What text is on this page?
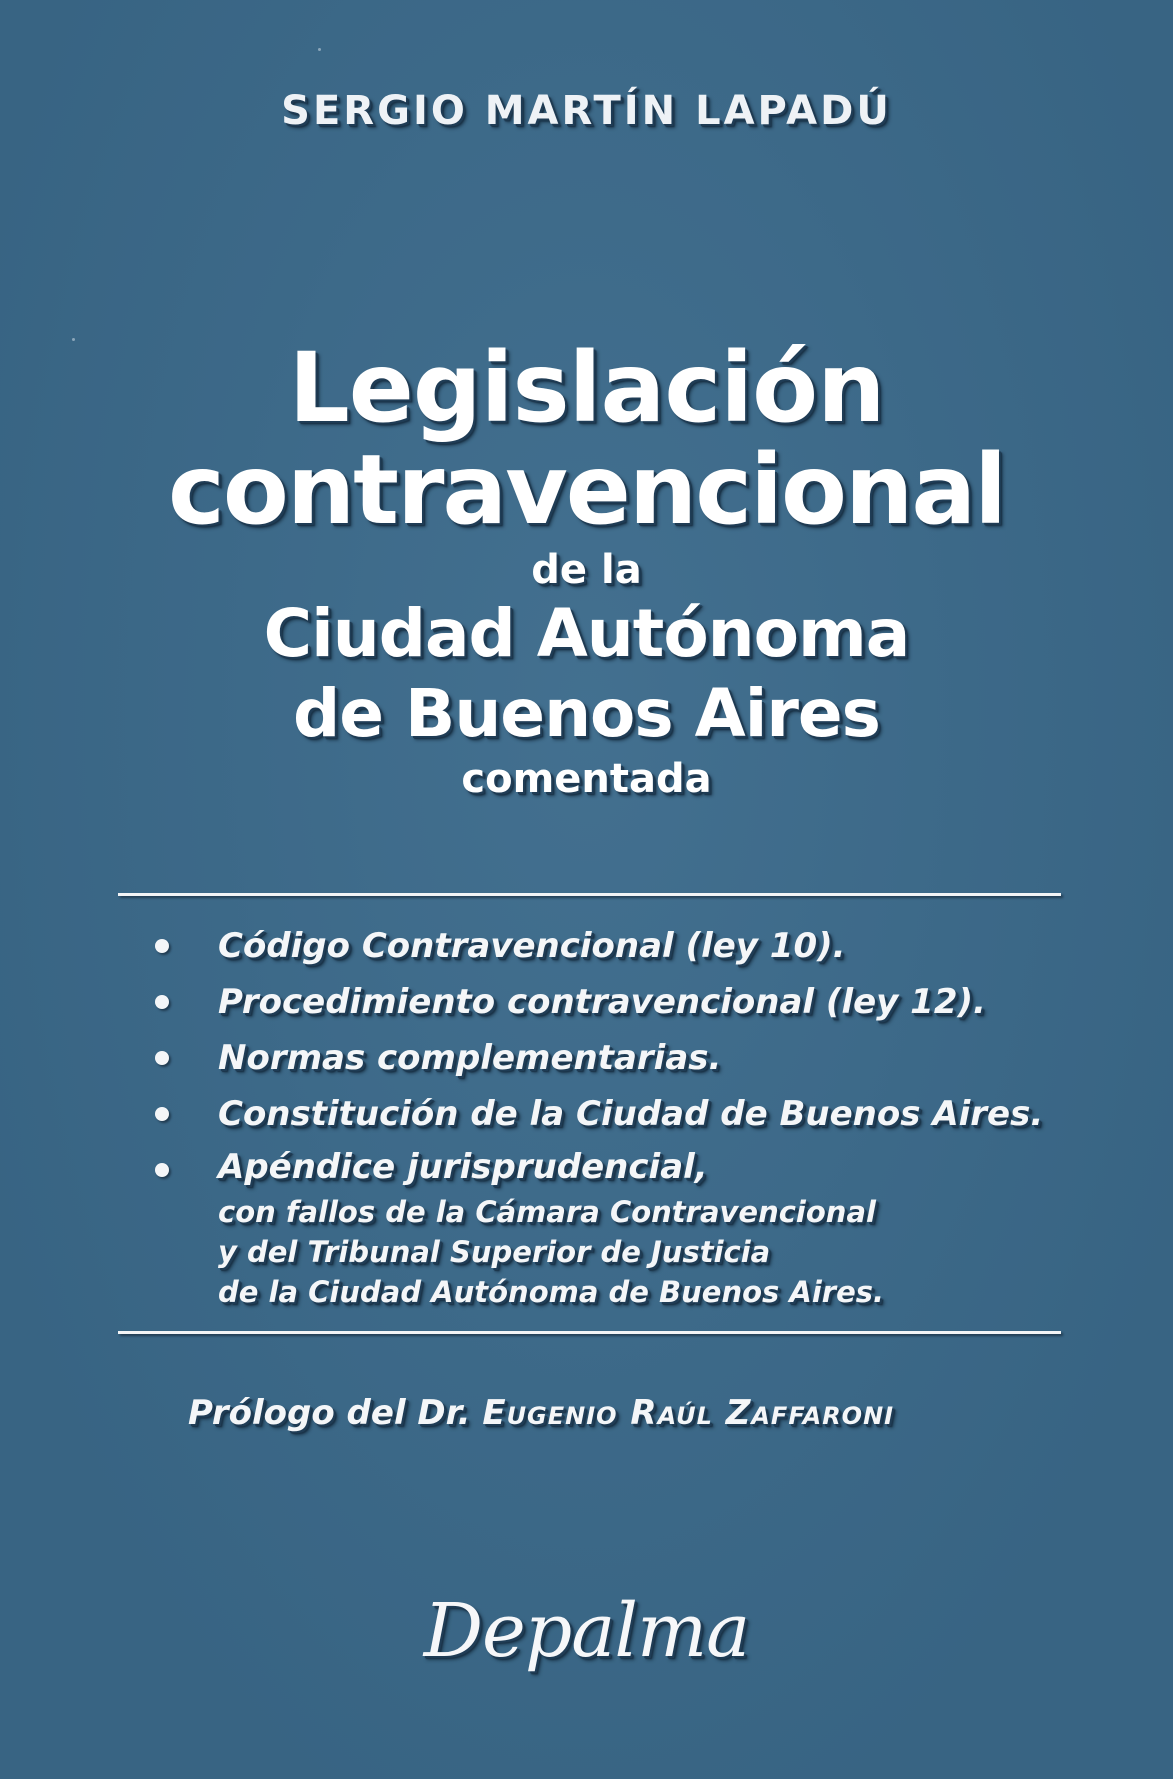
SERGIO MARTÍN LAPADÚ
Legislación
contravencional
de la
Ciudad Autónoma
de Buenos Aires
comentada
Código Contravencional (ley 10).
Procedimiento contravencional (ley 12).
Normas complementarias.
Constitución de la Ciudad de Buenos Aires.
Apéndice jurisprudencial,
con fallos de la Cámara Contravencional
y del Tribunal Superior de Justicia
de la Ciudad Autónoma de Buenos Aires.
Prólogo del Dr. Eugenio Raúl Zaffaroni
Depalma
